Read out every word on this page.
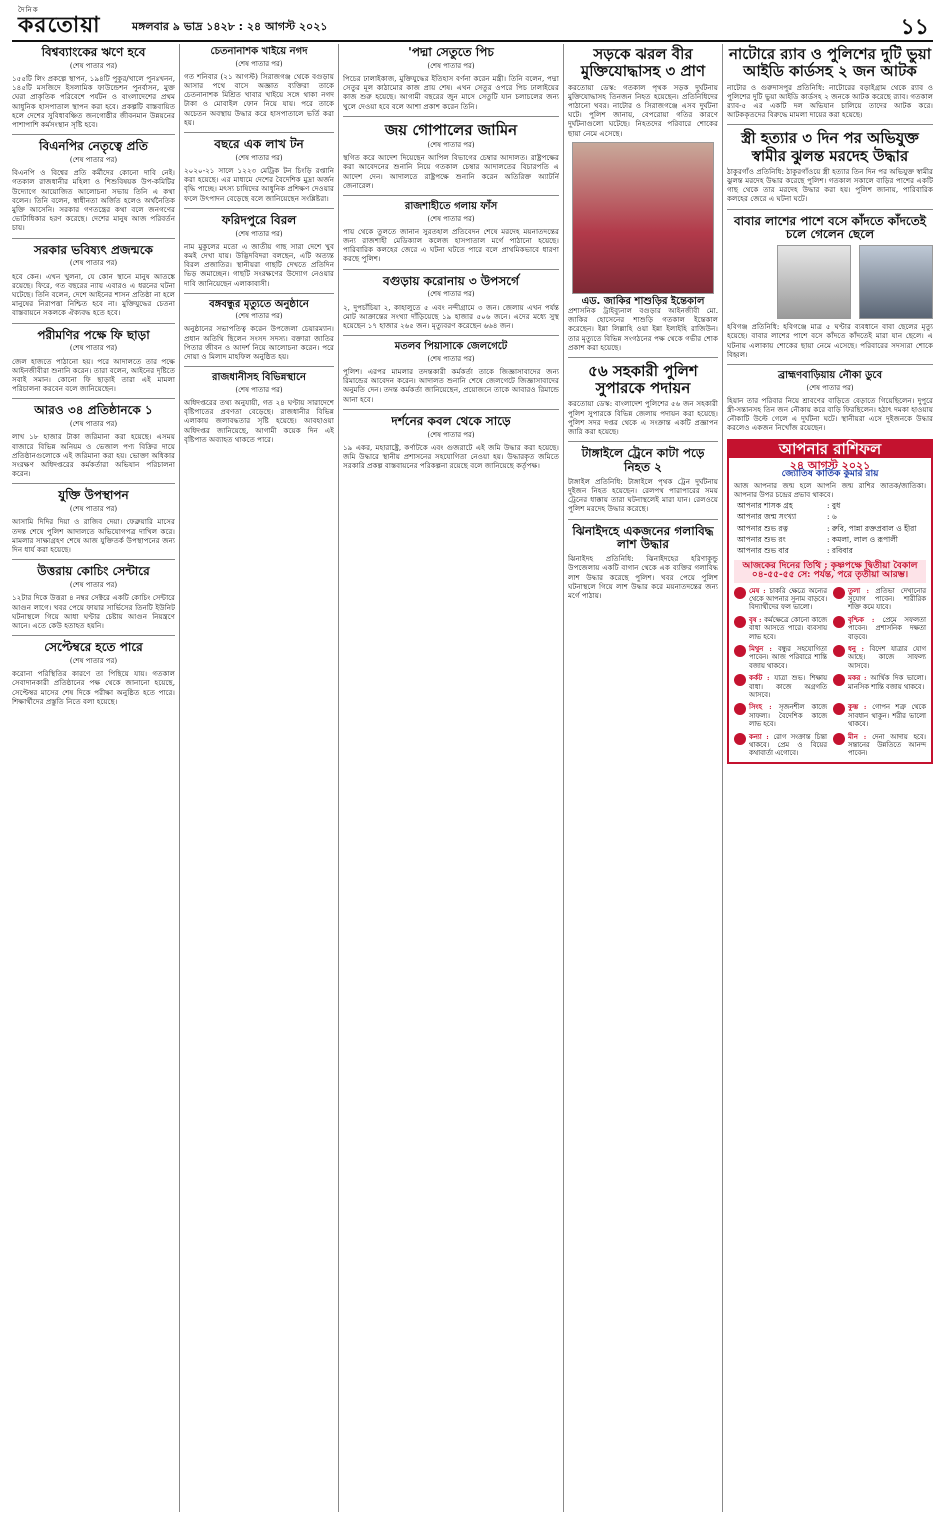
দৈনিক
করতোয়া	মঙ্গলবার ৯ ভাদ্র ১৪২৮ : ২৪ আগস্ট ২০২১	১১
বিশ্বব্যাংকের ঋণে হবে
(শেষ পাতার পর)

১৫৫টি লিং প্রকল্পে স্থাপন, ১৯৪টি পুকুর/খালে পুনঃখনন, ১৪৫টি মসজিদে ইসলামিক ফাউন্ডেশন পুনর্বাসন, মুক্ত ঘেরা প্রাকৃতিক পরিবেশে পর্যটন ও বাংলাদেশের প্রথম আধুনিক হাসপাতাল স্থাপন করা হবে। প্রকল্পটি বাস্তবায়িত হলে দেশের সুবিধাবঞ্চিত জনগোষ্ঠীর জীবনমান উন্নয়নের পাশাপাশি কর্মসংস্থান সৃষ্টি হবে।

বিএনপির নেতৃত্বে প্রতি
(শেষ পাতার পর)

বিএনপি ও বিশ্বের প্রতি কর্মীদের কোনো দাবি নেই। গতকাল রাজধানীর মহিলা ও শিশুবিষয়ক উপ-কমিটির উদ্যোগে আয়োজিত আলোচনা সভায় তিনি এ কথা বলেন। তিনি বলেন, স্বাধীনতা অর্জিত হলেও অর্থনৈতিক মুক্তি আসেনি। সরকার গণতন্ত্রের কথা বলে জনগণের ভোটাধিকার হরণ করেছে। দেশের মানুষ আজ পরিবর্তন চায়।

সরকার ভবিষ্যৎ প্রজন্মকে
(শেষ পাতার পর)

হবে কেন। এখন খুলনা, যে কোন স্থানে মানুষ আতঙ্কে রয়েছে। ফিরে, গত বছরের ন্যায় এবারও এ ধরনের ঘটনা ঘটেছে। তিনি বলেন, দেশে আইনের শাসন প্রতিষ্ঠা না হলে মানুষের নিরাপত্তা নিশ্চিত হবে না। মুক্তিযুদ্ধের চেতনা বাস্তবায়নে সকলকে ঐক্যবদ্ধ হতে হবে।

পরীমণির পক্ষে ফি ছাড়া
(শেষ পাতার পর)

জেল হাজতে পাঠানো হয়। পরে আদালতে তার পক্ষে আইনজীবীরা শুনানি করেন। তারা বলেন, আইনের দৃষ্টিতে সবাই সমান। কোনো ফি ছাড়াই তারা এই মামলা পরিচালনা করবেন বলে জানিয়েছেন।

আরও ৩৪ প্রতিষ্ঠানকে ১
(শেষ পাতার পর)

লাখ ১৮ হাজার টাকা জরিমানা করা হয়েছে। এসময় বাজারে বিভিন্ন অনিয়ম ও ভেজাল পণ্য বিক্রির দায়ে প্রতিষ্ঠানগুলোকে এই জরিমানা করা হয়। ভোক্তা অধিকার সংরক্ষণ অধিদপ্তরের কর্মকর্তারা অভিযান পরিচালনা করেন।

যুক্তি উপস্থাপন
(শেষ পাতার পর)

আসামি দিদির দিয়া ও রাজিব দেয়া। ফেব্রুয়ারি মাসের তদন্ত শেষে পুলিশ আদালতে অভিযোগপত্র দাখিল করে। মামলার সাক্ষ্যগ্রহণ শেষে আজ যুক্তিতর্ক উপস্থাপনের জন্য দিন ধার্য করা হয়েছে।

উত্তরায় কোচিং সেন্টারে
(শেষ পাতার পর)

১২টার দিকে উত্তরা ৪ নম্বর সেক্টরে একটি কোচিং সেন্টারে আগুন লাগে। খবর পেয়ে ফায়ার সার্ভিসের তিনটি ইউনিট ঘটনাস্থলে গিয়ে আধা ঘণ্টার চেষ্টায় আগুন নিয়ন্ত্রণে আনে। এতে কেউ হতাহত হয়নি।

সেপ্টেম্বরে হতে পারে
(শেষ পাতার পর)

করোনা পরিস্থিতির কারণে তা পিছিয়ে যায়। গতকাল সেবাদানকারী প্রতিষ্ঠানের পক্ষ থেকে জানানো হয়েছে, সেপ্টেম্বর মাসের শেষ দিকে পরীক্ষা অনুষ্ঠিত হতে পারে। শিক্ষার্থীদের প্রস্তুতি নিতে বলা হয়েছে।

চেতনানাশক খাইয়ে নগদ
(শেষ পাতার পর)

গত শনিবার (২১ আগস্ট) সিরাজগঞ্জ থেকে বগুড়ায় আসার পথে বাসে অজ্ঞাত ব্যক্তিরা তাকে চেতনানাশক মিশ্রিত খাবার খাইয়ে সঙ্গে থাকা নগদ টাকা ও মোবাইল ফোন নিয়ে যায়। পরে তাকে অচেতন অবস্থায় উদ্ধার করে হাসপাতালে ভর্তি করা হয়।

বছরে এক লাখ টন
(শেষ পাতার পর)

২০২০-২১ সালে ১২২৩ মেট্রিক টন চিংড়ি রপ্তানি করা হয়েছে। এর মাধ্যমে দেশের বৈদেশিক মুদ্রা অর্জন বৃদ্ধি পাচ্ছে। মৎস্য চাষিদের আধুনিক প্রশিক্ষণ দেওয়ার ফলে উৎপাদন বেড়েছে বলে জানিয়েছেন সংশ্লিষ্টরা।

ফরিদপুরে বিরল
(শেষ পাতার পর)

নাম মুকুলের মতো এ জাতীয় গাছ সারা দেশে খুব কমই দেখা যায়। উদ্ভিদবিদরা বলছেন, এটি অত্যন্ত বিরল প্রজাতির। স্থানীয়রা গাছটি দেখতে প্রতিদিন ভিড় জমাচ্ছেন। গাছটি সংরক্ষণের উদ্যোগ নেওয়ার দাবি জানিয়েছেন এলাকাবাসী।

বঙ্গবন্ধুর মৃত্যুতে অনুষ্ঠানে
(শেষ পাতার পর)

অনুষ্ঠানের সভাপতিত্ব করেন উপজেলা চেয়ারম্যান। প্রধান অতিথি ছিলেন সংসদ সদস্য। বক্তারা জাতির পিতার জীবন ও আদর্শ নিয়ে আলোচনা করেন। পরে দোয়া ও মিলাদ মাহফিল অনুষ্ঠিত হয়।

রাজধানীসহ বিভিন্নস্থানে
(শেষ পাতার পর)

অধিদপ্তরের তথ্য অনুযায়ী, গত ২৪ ঘণ্টায় সারাদেশে বৃষ্টিপাতের প্রবণতা বেড়েছে। রাজধানীর বিভিন্ন এলাকায় জলাবদ্ধতার সৃষ্টি হয়েছে। আবহাওয়া অধিদপ্তর জানিয়েছে, আগামী কয়েক দিন এই বৃষ্টিপাত অব্যাহত থাকতে পারে।

'পদ্মা সেতুতে পিচ
(শেষ পাতার পর)

পিচের ঢালাইকাজ, মুক্তিযুদ্ধের ইতিহাস বর্ণনা করেন মন্ত্রী। তিনি বলেন, পদ্মা সেতুর মূল কাঠামোর কাজ প্রায় শেষ। এখন সেতুর ওপরে পিচ ঢালাইয়ের কাজ শুরু হয়েছে। আগামী বছরের জুন মাসে সেতুটি যান চলাচলের জন্য খুলে দেওয়া হবে বলে আশা প্রকাশ করেন তিনি।

জয় গোপালের জামিন
(শেষ পাতার পর)

স্থগিত করে আদেশ দিয়েছেন আপিল বিভাগের চেম্বার আদালত। রাষ্ট্রপক্ষের করা আবেদনের শুনানি নিয়ে গতকাল চেম্বার আদালতের বিচারপতি এ আদেশ দেন। আদালতে রাষ্ট্রপক্ষে শুনানি করেন অতিরিক্ত অ্যাটর্নি জেনারেল।

রাজশাহীতে গলায় ফাঁস
(শেষ পাতার পর)

পায় থেকে তুলতে জানান সুরতহাল প্রতিবেদন শেষে মরদেহ ময়নাতদন্তের জন্য রাজশাহী মেডিক্যাল কলেজ হাসপাতাল মর্গে পাঠানো হয়েছে। পারিবারিক কলহের জেরে এ ঘটনা ঘটতে পারে বলে প্রাথমিকভাবে ধারণা করছে পুলিশ।

বগুড়ায় করোনায় ৩ উপসর্গে
(শেষ পাতার পর)

২, দুপচাঁচিয়া ২, কাহালুতে ৫ এবং নন্দীগ্রামে ৩ জন। জেলায় এখন পর্যন্ত মোট আক্রান্তের সংখ্যা দাঁড়িয়েছে ১৯ হাজার ৫০৬ জনে। এদের মধ্যে সুস্থ হয়েছেন ১৭ হাজার ২৬৫ জন। মৃত্যুবরণ করেছেন ৬৬৪ জন।

মতলব পিয়াসাকে জেলগেটে
(শেষ পাতার পর)

পুলিশ। এরপর মামলার তদন্তকারী কর্মকর্তা তাকে জিজ্ঞাসাবাদের জন্য রিমান্ডের আবেদন করেন। আদালত শুনানি শেষে জেলগেটে জিজ্ঞাসাবাদের অনুমতি দেন। তদন্ত কর্মকর্তা জানিয়েছেন, প্রয়োজনে তাকে আবারও রিমান্ডে আনা হবে।

দর্শনের কবল থেকে সাড়ে
(শেষ পাতার পর)

১৯ একর, মহারাষ্ট্রে, কর্ণাটকে এবং গুজরাটে এই জমি উদ্ধার করা হয়েছে। জমি উদ্ধারে স্থানীয় প্রশাসনের সহযোগিতা নেওয়া হয়। উদ্ধারকৃত জমিতে সরকারি প্রকল্প বাস্তবায়নের পরিকল্পনা রয়েছে বলে জানিয়েছে কর্তৃপক্ষ।

সড়কে ঝরল বীর মুক্তিযোদ্ধাসহ ৩ প্রাণ

করতোয়া ডেস্ক: গতকাল পৃথক সড়ক দুর্ঘটনায় মুক্তিযোদ্ধাসহ তিনজন নিহত হয়েছেন। প্রতিনিধিদের পাঠানো খবর। নাটোর ও সিরাজগঞ্জে এসব দুর্ঘটনা ঘটে। পুলিশ জানায়, বেপরোয়া গতির কারণে দুর্ঘটনাগুলো ঘটেছে। নিহতদের পরিবারে শোকের ছায়া নেমে এসেছে।

এড. জাকির শাশুড়ির ইন্তেকাল

প্রশাসনিক ট্রাইব্যুনাল বগুড়ার আইনজীবী মো. জাকির হোসেনের শাশুড়ি গতকাল ইন্তেকাল করেছেন। ইন্না লিল্লাহি ওয়া ইন্না ইলাইহি রাজিউন। তার মৃত্যুতে বিভিন্ন সংগঠনের পক্ষ থেকে গভীর শোক প্রকাশ করা হয়েছে।

৫৬ সহকারী পুলিশ সুপারকে পদায়ন

করতোয়া ডেস্ক: বাংলাদেশ পুলিশের ৫৬ জন সহকারী পুলিশ সুপারকে বিভিন্ন জেলায় পদায়ন করা হয়েছে। পুলিশ সদর দপ্তর থেকে এ সংক্রান্ত একটি প্রজ্ঞাপন জারি করা হয়েছে।

টাঙ্গাইলে ট্রেনে কাটা পড়ে নিহত ২

টাঙ্গাইল প্রতিনিধি: টাঙ্গাইলে পৃথক ট্রেন দুর্ঘটনায় দুইজন নিহত হয়েছেন। রেলপথ পারাপারের সময় ট্রেনের ধাক্কায় তারা ঘটনাস্থলেই মারা যান। রেলওয়ে পুলিশ মরদেহ উদ্ধার করেছে।

ঝিনাইদহে একজনের গলাবিদ্ধ লাশ উদ্ধার

ঝিনাইদহ প্রতিনিধি: ঝিনাইদহের হরিণাকুন্ডু উপজেলায় একটি বাগান থেকে এক ব্যক্তির গলাবিদ্ধ লাশ উদ্ধার করেছে পুলিশ। খবর পেয়ে পুলিশ ঘটনাস্থলে গিয়ে লাশ উদ্ধার করে ময়নাতদন্তের জন্য মর্গে পাঠায়।

নাটোরে র‍্যাব ও পুলিশের দুটি ভুয়া আইডি কার্ডসহ ২ জন আটক

নাটোর ও গুরুদাসপুর প্রতিনিধি: নাটোরের বড়াইগ্রাম থেকে র‍্যাব ও পুলিশের দুটি ভুয়া আইডি কার্ডসহ ২ জনকে আটক করেছে র‍্যাব। গতকাল র‍্যাব-৫ এর একটি দল অভিযান চালিয়ে তাদের আটক করে। আটককৃতদের বিরুদ্ধে মামলা দায়ের করা হয়েছে।

স্ত্রী হত্যার ৩ দিন পর অভিযুক্ত স্বামীর ঝুলন্ত মরদেহ উদ্ধার

ঠাকুরগাঁও প্রতিনিধি: ঠাকুরগাঁওয়ে স্ত্রী হত্যার তিন দিন পর অভিযুক্ত স্বামীর ঝুলন্ত মরদেহ উদ্ধার করেছে পুলিশ। গতকাল সকালে বাড়ির পাশের একটি গাছ থেকে তার মরদেহ উদ্ধার করা হয়। পুলিশ জানায়, পারিবারিক কলহের জেরে এ ঘটনা ঘটে।

বাবার লাশের পাশে বসে কাঁদতে কাঁদতেই চলে গেলেন ছেলে

হবিগঞ্জ প্রতিনিধি: হবিগঞ্জে মাত্র ৫ ঘণ্টার ব্যবধানে বাবা ছেলের মৃত্যু হয়েছে। বাবার লাশের পাশে বসে কাঁদতে কাঁদতেই মারা যান ছেলে। এ ঘটনায় এলাকায় শোকের ছায়া নেমে এসেছে। পরিবারের সদস্যরা শোকে বিহ্বল।

ব্রাহ্মণবাড়িয়ায় নৌকা ডুবে
(শেষ পাতার পর)

হিয়ান তার পরিবার নিয়ে শ্রাবণের বাড়িতে বেড়াতে গিয়েছিলেন। দুপুরে স্ত্রী-সন্তানসহ তিন জন নৌকায় করে বাড়ি ফিরছিলেন। হঠাৎ দমকা হাওয়ায় নৌকাটি উল্টে গেলে এ দুর্ঘটনা ঘটে। স্থানীয়রা এসে দুইজনকে উদ্ধার করলেও একজন নিখোঁজ রয়েছেন।

আপনার রাশিফল
২৪ আগস্ট ২০২১
জ্যোতিষ কার্তিক কুমার রায়
আজ আপনার জন্ম হলে আপনি জন্ম রাশির জাতক/জাতিকা। আপনার উপর চন্দ্রের প্রভাব থাকবে।
আপনার শাসক গ্রহ	: বুধ
আপনার জন্ম সংখ্যা	: ৬
আপনার শুভ রত্ন	: রুবি, পান্না রক্তপ্রবাল ও হীরা
আপনার শুভ রং	: কমলা, লাল ও রূপালী
আপনার শুভ বার	: রবিবার
আজকের দিনের তিথি : কৃষ্ণপক্ষে দ্বিতীয়া বৈকাল ০৪-৫৫-৫৫ সে: পর্যন্ত, পরে তৃতীয়া আরম্ভ।
মেষ : চাকরি ক্ষেত্রে অন্যের থেকে আপনার সুনাম বাড়বে। বিদ্যার্থীদের ফল ভালো।
তুলা : প্রতিভা দেখানোর সুযোগ পাবেন। শারীরিক শক্তি কমে যাবে।
বৃষ : কর্মক্ষেত্রে কোনো কাজে বাধা আসতে পারে। ব্যবসায় লাভ হবে।
বৃশ্চিক : প্রেমে সফলতা পাবেন। প্রশাসনিক দক্ষতা বাড়বে।
মিথুন : বন্ধুর সহযোগিতা পাবেন। আজ পরিবারে শান্তি বজায় থাকবে।
ধনু : বিদেশ যাত্রার যোগ আছে। কাজে সাফল্য আসবে।
কর্কট : যাত্রা শুভ। শিক্ষায় বাধা। কাজে অগ্রগতি আসবে।
মকর : আর্থিক দিক ভালো। মানসিক শান্তি বজায় থাকবে।
সিংহ : সৃজনশীল কাজে সাফল্য। বৈদেশিক কাজে লাভ হবে।
কুম্ভ : গোপন শত্রু থেকে সাবধান থাকুন। শরীর ভালো থাকবে।
কন্যা : রোগ সংক্রান্ত চিন্তা থাকবে। প্রেম ও বিয়ের কথাবার্তা এগোবে।
মীন : দেনা আদায় হবে। সন্তানের উন্নতিতে আনন্দ পাবেন।
